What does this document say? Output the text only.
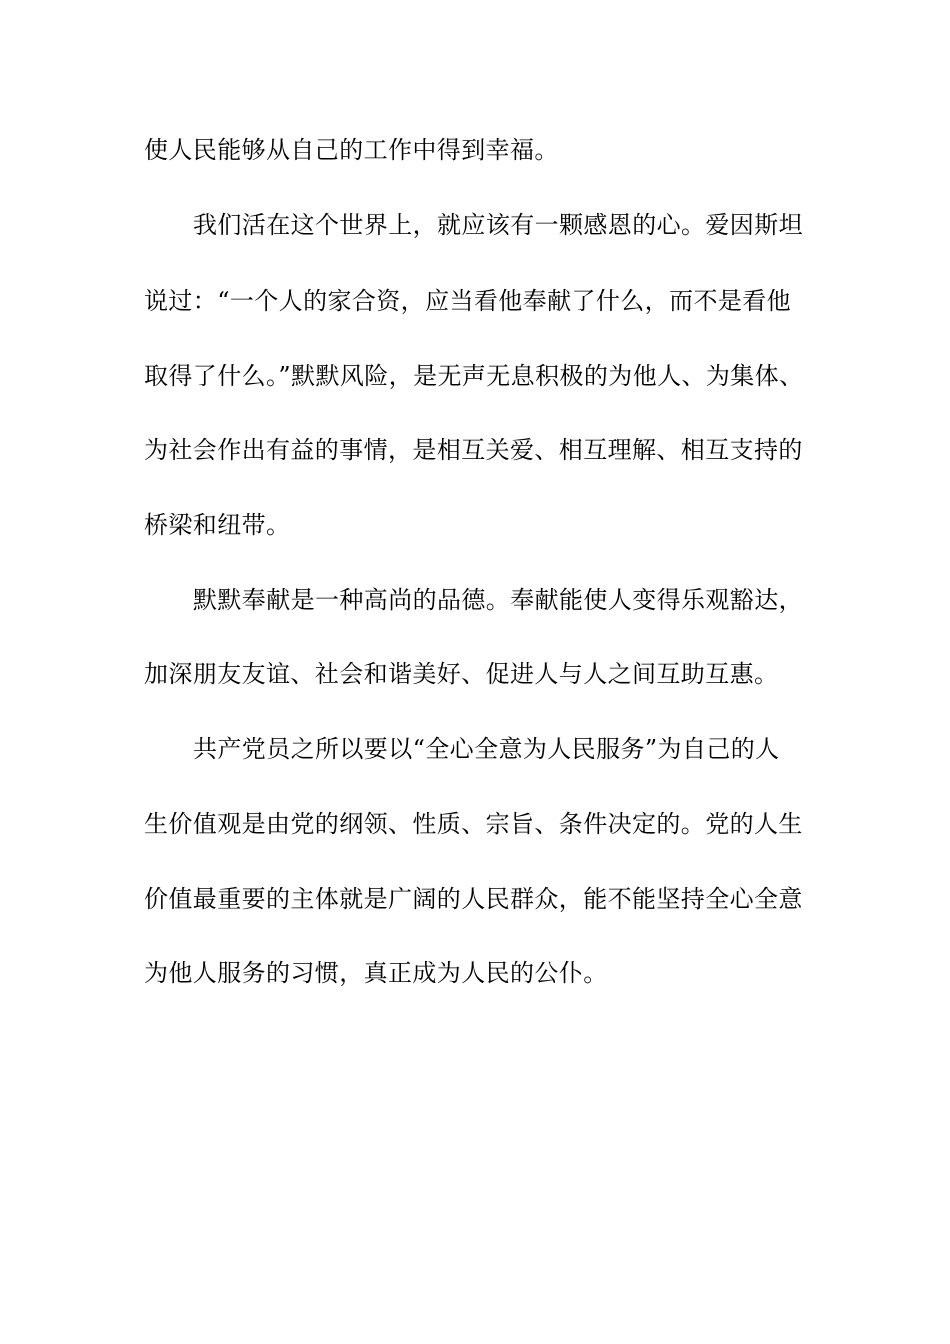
使人民能够从自己的工作中得到幸福。
我们活在这个世界上，就应该有一颗感恩的心。爱因斯坦
说过：“一个人的家合资，应当看他奉献了什么，而不是看他
取得了什么。”默默风险，是无声无息积极的为他人、为集体、
为社会作出有益的事情，是相互关爱、相互理解、相互支持的
桥梁和纽带。
默默奉献是一种高尚的品德。奉献能使人变得乐观豁达，
加深朋友友谊、社会和谐美好、促进人与人之间互助互惠。
共产党员之所以要以“全心全意为人民服务”为自己的人
生价值观是由党的纲领、性质、宗旨、条件决定的。党的人生
价值最重要的主体就是广阔的人民群众，能不能坚持全心全意
为他人服务的习惯，真正成为人民的公仆。
